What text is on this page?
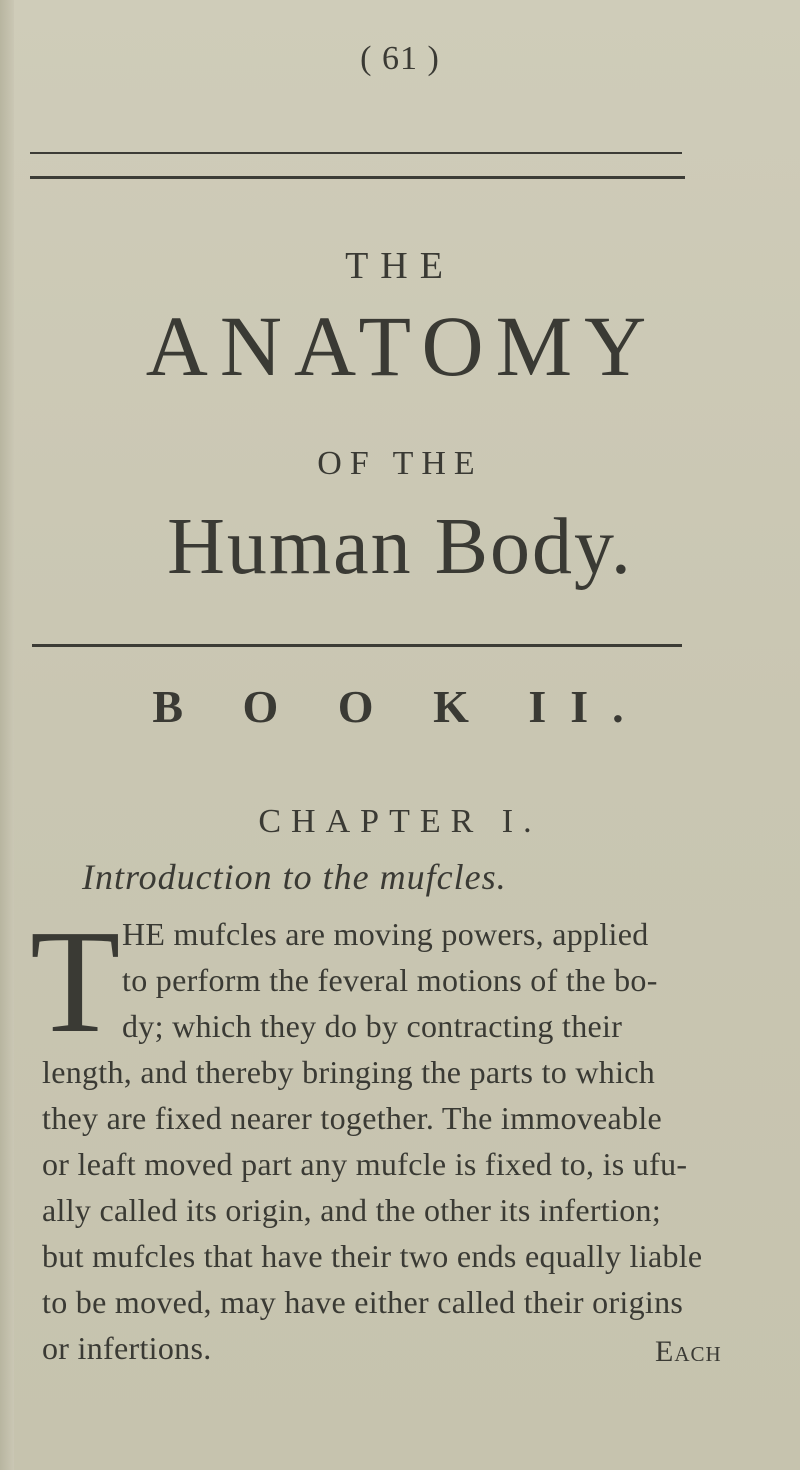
( 61 )
THE
ANATOMY
OF THE
Human Body.
B O O K II.
CHAPTER I.
Introduction to the mufcles.
T HE mufcles are moving powers, applied
to perform the feveral motions of the bo-
dy; which they do by contracting their
length, and thereby bringing the parts to which
they are fixed nearer together. The immoveable
or leaft moved part any mufcle is fixed to, is ufu-
ally called its origin, and the other its infertion;
but mufcles that have their two ends equally liable
to be moved, may have either called their origins
or infertions.	Each
